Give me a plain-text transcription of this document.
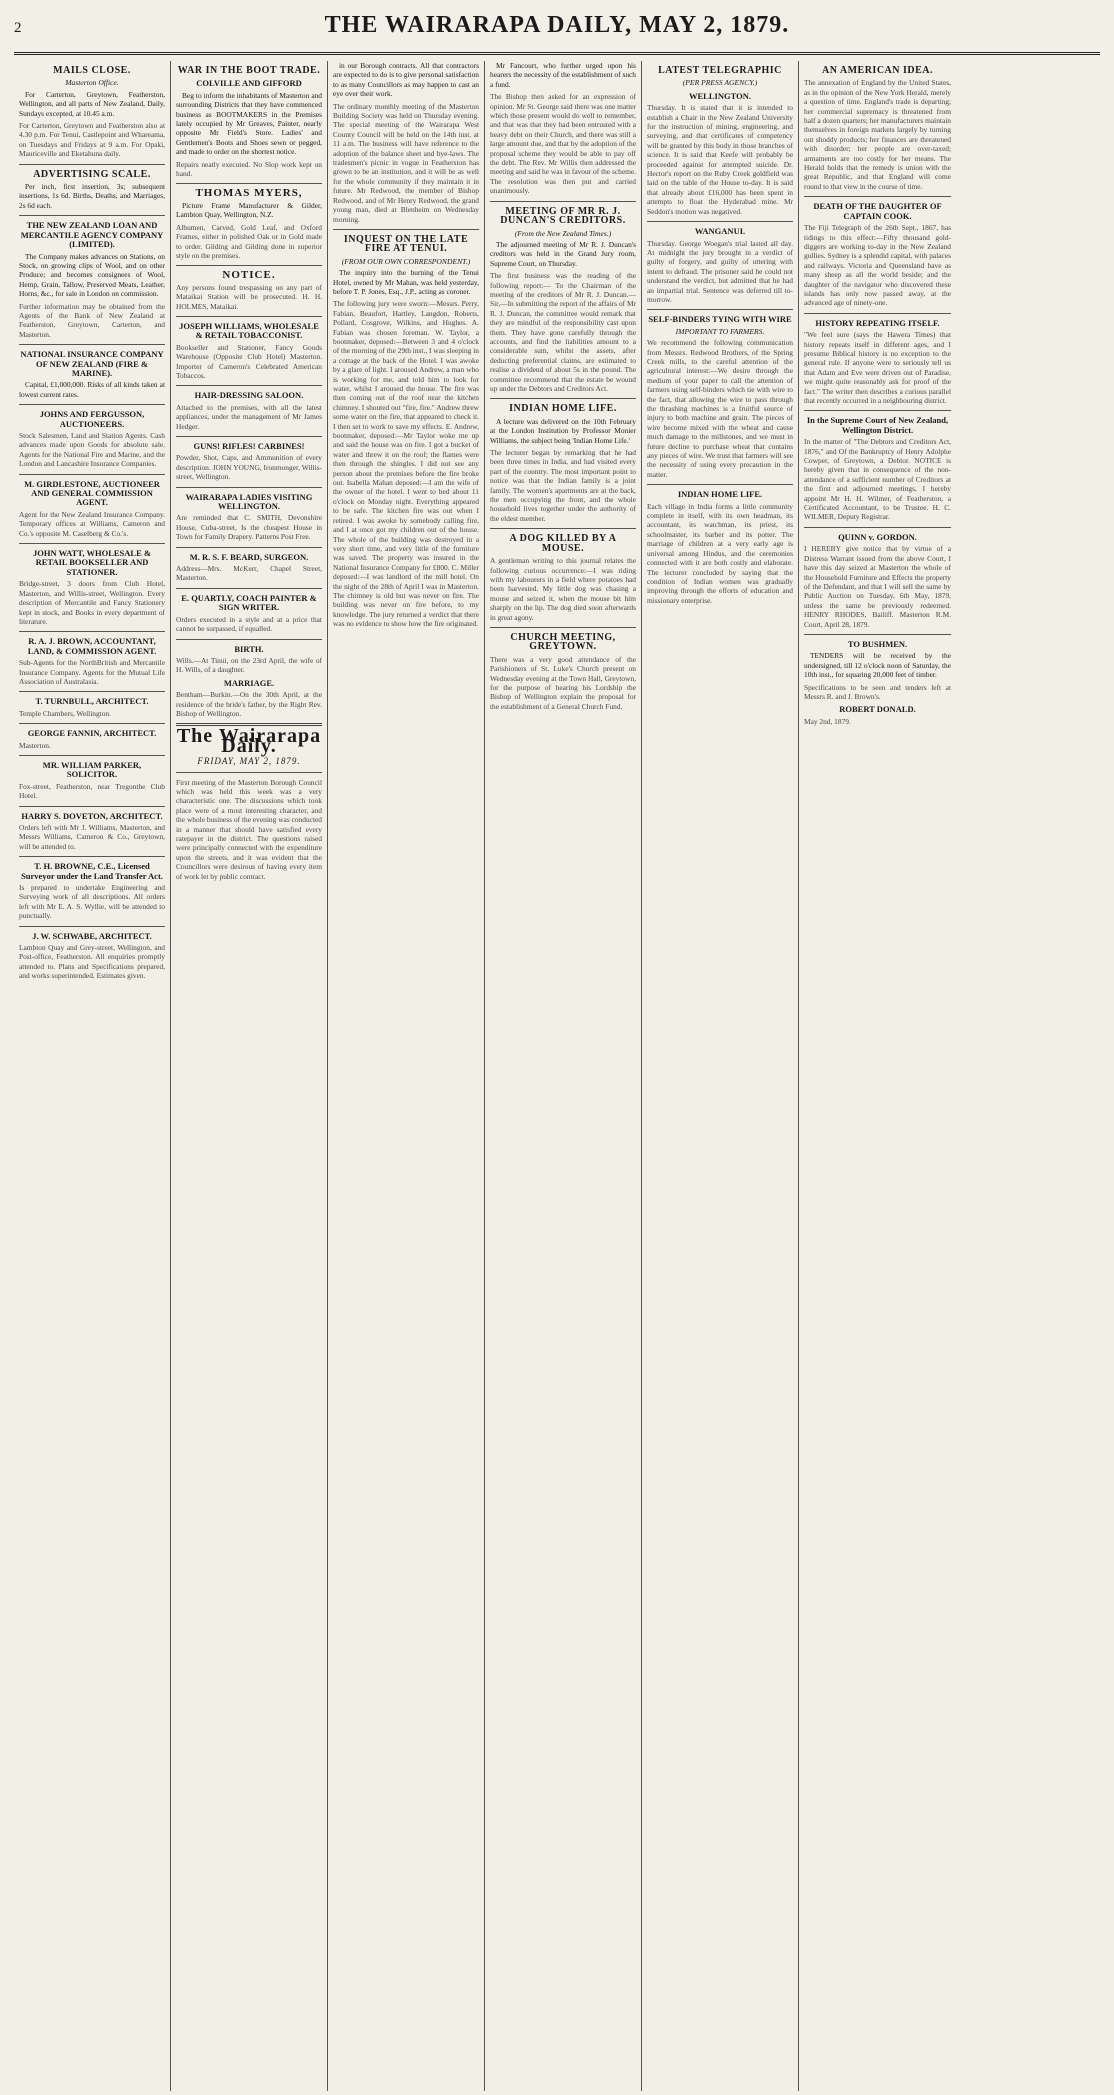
2	THE WAIRARAPA DAILY, MAY 2, 1879.
MAILS CLOSE.
Masterton Office.

For Carterton, Greytown, Featherston, Wellington, and all parts of New Zealand, Daily, Sundays excepted, at 10.45 a.m.

For Carterton, Greytown and Featherston also at 4.30 p.m. For Tenui, Castlepoint and Whareama, on Tuesdays and Fridays at 9 a.m. For Opaki, Mauriceville and Eketahuna daily.
ADVERTISING SCALE.

Per inch, first insertion, 3s; subsequent insertions, 1s 6d. Births, Deaths, and Marriages, 2s 6d each.

THE NEW ZEALAND LOAN AND MERCANTILE AGENCY COMPANY (LIMITED).

The Company makes advances on Stations, on Stock, on growing clips of Wool, and on other Produce; and becomes consignees of Wool, Hemp, Grain, Tallow, Preserved Meats, Leather, Horns, &c., for sale in London on commission.

Further information may be obtained from the Agents of the Bank of New Zealand at Featherston, Greytown, Carterton, and Masterton.
NATIONAL INSURANCE COMPANY OF NEW ZEALAND (FIRE & MARINE).

Capital, £1,000,000. Risks of all kinds taken at lowest current rates.

JOHNS AND FERGUSSON, AUCTIONEERS.
Stock Salesmen, Land and Station Agents. Cash advances made upon Goods for absolute sale. Agents for the National Fire and Marine, and the London and Lancashire Insurance Companies.
M. GIRDLESTONE, AUCTIONEER AND GENERAL COMMISSION AGENT.
Agent for the New Zealand Insurance Company. Temporary offices at Williams, Cameron and Co.'s opposite M. Caselberg & Co.'s.
JOHN WATT, WHOLESALE & RETAIL BOOKSELLER AND STATIONER.
Bridge-street, 3 doors from Club Hotel, Masterton, and Willis-street, Wellington. Every description of Mercantile and Fancy Stationery kept in stock, and Books in every department of literature.
R. A. J. BROWN, ACCOUNTANT, LAND, & COMMISSION AGENT.
Sub-Agents for the NorthBritish and Mercantile Insurance Company. Agents for the Mutual Life Association of Australasia.
T. TURNBULL, ARCHITECT.
Temple Chambers, Wellington.
GEORGE FANNIN, ARCHITECT.
Masterton.
MR. WILLIAM PARKER, SOLICITOR.
Fox-street, Featherston, near Tregonthe Club Hotel.
HARRY S. DOVETON, ARCHITECT.
Orders left with Mr J. Williams, Masterton, and Messrs Williams, Cameron & Co., Greytown, will be attended to.
T. H. BROWNE, C.E., Licensed Surveyor under the Land Transfer Act.
Is prepared to undertake Engineering and Surveying work of all descriptions. All orders left with Mr E. A. S. Wyllie, will be attended to punctually.
J. W. SCHWABE, ARCHITECT.
Lambton Quay and Grey-street, Wellington, and Post-office, Featherston. All enquiries promptly attended to. Plans and Specifications prepared, and works superintended. Estimates given.
WAR IN THE BOOT TRADE.
COLVILLE AND GIFFORD

Beg to inform the inhabitants of Masterton and surrounding Districts that they have commenced business as BOOTMAKERS in the Premises lately occupied by Mr Greaves, Painter, nearly opposite Mr Field's Store. Ladies' and Gentlemen's Boots and Shoes sewn or pegged, and made to order on the shortest notice.

Repairs neatly executed. No Slop work kept on hand.
THOMAS MYERS,

Picture Frame Manufacturer & Gilder, Lambton Quay, Wellington, N.Z.

Albumen, Carved, Gold Leaf, and Oxford Frames, either in polished Oak or in Gold made to order. Gilding and Gilding done in superior style on the premises.
NOTICE.
Any persons found trespassing on any part of Mataikai Station will be prosecuted. H. H. HOLMES, Mataikai.
JOSEPH WILLIAMS, WHOLESALE & RETAIL TOBACCONIST.
Bookseller and Stationer, Fancy Goods Warehouse (Opposite Club Hotel) Masterton. Importer of Cameron's Celebrated American Tobaccos.
HAIR-DRESSING SALOON.
Attached to the premises, with all the latest appliances, under the management of Mr James Hedger.
GUNS! RIFLES! CARBINES!
Powder, Shot, Caps, and Ammunition of every description. JOHN YOUNG, Ironmonger, Willis-street, Wellington.
WAIRARAPA LADIES VISITING WELLINGTON.
Are reminded that C. SMITH, Devonshire House, Cuba-street, Is the cheapest House in Town for Family Drapery. Patterns Post Free.
M. R. S. F. BEARD, SURGEON.
Address—Mrs. McKerr, Chapel Street, Masterton.
E. QUARTLY, COACH PAINTER & SIGN WRITER.
Orders executed in a style and at a price that cannot be surpassed, if equalled.
BIRTH.
Wills.—At Tinui, on the 23rd April, the wife of H. Wills, of a daughter.
MARRIAGE.
Bentham—Burkin.—On the 30th April, at the residence of the bride's father, by the Right Rev. Bishop of Wellington.
The Wairarapa Daily.
FRIDAY, MAY 2, 1879.
First meeting of the Masterton Borough Council which was held this week was a very characteristic one. The discussions which took place were of a most interesting character, and the whole business of the evening was conducted in a manner that should have satisfied every ratepayer in the district. The questions raised were principally connected with the expenditure upon the streets, and it was evident that the Councillors were desirous of having every item of work let by public contract.

in our Borough contracts. All that contractors are expected to do is to give personal satisfaction to as many Councillors as may happen to cast an eye over their work.

The ordinary monthly meeting of the Masterton Building Society was held on Thursday evening. The special meeting of the Wairarapa West County Council will be held on the 14th inst. at 11 a.m. The business will have reference to the adoption of the balance sheet and bye-laws. The tradesmen's picnic in vogue in Featherston has grown to be an institution, and it will be as well for the whole community if they maintain it in future. Mr Redwood, the member of Bishop Redwood, and of Mr Henry Redwood, the grand young man, died at Blenheim on Wednesday morning.
INQUEST ON THE LATE FIRE AT TENUI.
(FROM OUR OWN CORRESPONDENT.)

The inquiry into the burning of the Tenui Hotel, owned by Mr Mahan, was held yesterday, before T. P. Jones, Esq., J.P., acting as coroner.

The following jury were sworn:—Messrs. Perry, Fabian, Beaufort, Hartley, Langdon, Roberts, Pollard, Cosgrove, Wilkins, and Hughes. A. Fabian was chosen foreman. W. Taylor, a bootmaker, deposed:—Between 3 and 4 o'clock of the morning of the 29th inst., I was sleeping in a cottage at the back of the Hotel. I was awoke by a glare of light. I aroused Andrew, a man who is working for me, and told him to look for water, whilst I aroused the house. The fire was then coming out of the roof near the kitchen chimney. I shouted out "fire, fire." Andrew threw some water on the fire, that appeared to check it. I then set to work to save my effects. E. Andrew, bootmaker, deposed:—Mr Taylor woke me up and said the house was on fire. I got a bucket of water and threw it on the roof; the flames were then through the shingles. I did not see any person about the premises before the fire broke out. Isabella Mahan deposed:—I am the wife of the owner of the hotel. I went to bed about 11 o'clock on Monday night. Everything appeared to be safe. The kitchen fire was out when I retired. I was awoke by somebody calling fire, and I at once got my children out of the house. The whole of the building was destroyed in a very short time, and very little of the furniture was saved. The property was insured in the National Insurance Company for £800. C. Miller deposed:—I was landlord of the mill hotel. On the night of the 28th of April I was in Masterton. The chimney is old but was never on fire. The building was never on fire before, to my knowledge. The jury returned a verdict that there was no evidence to show how the fire originated.

Mr Fancourt, who further urged upon his hearers the necessity of the establishment of such a fund.

The Bishop then asked for an expression of opinion. Mr St. George said there was one matter which those present would do well to remember, and that was that they had been entrusted with a heavy debt on their Church, and there was still a large amount due, and that by the adoption of the proposal scheme they would be able to pay off the debt. The Rev. Mr Willis then addressed the meeting and said he was in favour of the scheme. The resolution was then put and carried unanimously.
MEETING OF MR R. J. DUNCAN'S CREDITORS.
(From the New Zealand Times.)

The adjourned meeting of Mr R. J. Duncan's creditors was held in the Grand Jury room, Supreme Court, on Thursday.

The first business was the reading of the following report:— To the Chairman of the meeting of the creditors of Mr R. J. Duncan.—Sir,—In submitting the report of the affairs of Mr R. J. Duncan, the committee would remark that they are mindful of the responsibility cast upon them. They have gone carefully through the accounts, and find the liabilities amount to a considerable sum, whilst the assets, after deducting preferential claims, are estimated to realise a dividend of about 5s in the pound. The committee recommend that the estate be wound up under the Debtors and Creditors Act.
INDIAN HOME LIFE.

A lecture was delivered on the 10th February at the London Institution by Professor Monier Williams, the subject being 'Indian Home Life.'

The lecturer began by remarking that he had been three times in India, and had visited every part of the country. The most important point to notice was that the Indian family is a joint family. The women's apartments are at the back, the men occupying the front, and the whole household lives together under the authority of the eldest member.
A DOG KILLED BY A MOUSE.
A gentleman writing to this journal relates the following curious occurrence:—I was riding with my labourers in a field where potatoes had been harvested. My little dog was chasing a mouse and seized it, when the mouse bit him sharply on the lip. The dog died soon afterwards in great agony.
CHURCH MEETING, GREYTOWN.
There was a very good attendance of the Parishioners of St. Luke's Church present on Wednesday evening at the Town Hall, Greytown, for the purpose of hearing his Lordship the Bishop of Wellington explain the proposal for the establishment of a General Church Fund.
LATEST TELEGRAPHIC
(PER PRESS AGENCY.)
WELLINGTON.
Thursday. It is stated that it is intended to establish a Chair in the New Zealand University for the instruction of mining, engineering, and surveying, and that certificates of competency will be granted by this body in those branches of science. It is said that Keefe will probably be proceeded against for attempted suicide. Dr. Hector's report on the Ruby Creek goldfield was laid on the table of the House to-day. It is said that already about £16,000 has been spent in attempts to float the Hyderabad mine. Mr Seddon's motion was negatived.
WANGANUI.
Thursday. George Woegan's trial lasted all day. At midnight the jury brought in a verdict of guilty of forgery, and guilty of uttering with intent to defraud. The prisoner said he could not understand the verdict, but admitted that he had an impartial trial. Sentence was deferred till to-morrow.
SELF-BINDERS TYING WITH WIRE
IMPORTANT TO FARMERS.
We recommend the following communication from Messrs. Redwood Brothers, of the Spring Creek mills, to the careful attention of the agricultural interest:—We desire through the medium of your paper to call the attention of farmers using self-binders which tie with wire to the fact, that allowing the wire to pass through the thrashing machines is a fruitful source of injury to both machine and grain. The pieces of wire become mixed with the wheat and cause much damage to the millstones, and we must in future decline to purchase wheat that contains any pieces of wire. We trust that farmers will see the necessity of using every precaution in the matter.
INDIAN HOME LIFE.
Each village in India forms a little community complete in itself, with its own headman, its accountant, its watchman, its priest, its schoolmaster, its barber and its potter. The marriage of children at a very early age is universal among Hindus, and the ceremonies connected with it are both costly and elaborate. The lecturer concluded by saying that the condition of Indian women was gradually improving through the efforts of education and missionary enterprise.
AN AMERICAN IDEA.
The annexation of England by the United States, as in the opinion of the New York Herald, merely a question of time. England's trade is departing; her commercial supremacy is threatened from half a dozen quarters; her manufacturers maintain themselves in foreign markets largely by turning out shoddy products; her finances are threatened with disorder; her people are over-taxed; armaments are too costly for her means. The Herald holds that the remedy is union with the great Republic, and that England will come round to that view in the course of time.
DEATH OF THE DAUGHTER OF CAPTAIN COOK.
The Fiji Telegraph of the 26th Sept., 1867, has tidings to this effect:—Fifty thousand gold-diggers are working to-day in the New Zealand gullies. Sydney is a splendid capital, with palaces and railways. Victoria and Queensland have as many sheep as all the world beside; and the daughter of the navigator who discovered these islands has only now passed away, at the advanced age of ninety-one.
HISTORY REPEATING ITSELF.
"We feel sure (says the Hawera Times) that history repeats itself in different ages, and I presume Biblical history is no exception to the general rule. If anyone were to seriously tell us that Adam and Eve were driven out of Paradise, we might quite reasonably ask for proof of the fact." The writer then describes a curious parallel that recently occurred in a neighbouring district.
In the Supreme Court of New Zealand, Wellington District.
In the matter of "The Debtors and Creditors Act, 1876," and Of the Bankruptcy of Henry Adolphe Cowper, of Greytown, a Debtor. NOTICE is hereby given that in consequence of the non-attendance of a sufficient number of Creditors at the first and adjourned meetings, I hereby appoint Mr H. H. Wilmer, of Featherston, a Certificated Accountant, to be Trustee. H. C. WILMER, Deputy Registrar.
QUINN v. GORDON.
I HEREBY give notice that by virtue of a Distress Warrant issued from the above Court, I have this day seized at Masterton the whole of the Household Furniture and Effects the property of the Defendant, and that I will sell the same by Public Auction on Tuesday, 6th May, 1879, unless the same be previously redeemed. HENRY RHODES, Bailiff. Masterton R.M. Court, April 28, 1879.
TO BUSHMEN.

TENDERS will be received by the undersigned, till 12 o'clock noon of Saturday, the 10th inst., for squaring 20,000 feet of timber.

Specifications to be seen and tenders left at Messrs R. and J. Brown's.
ROBERT DONALD.
May 2nd, 1879.
